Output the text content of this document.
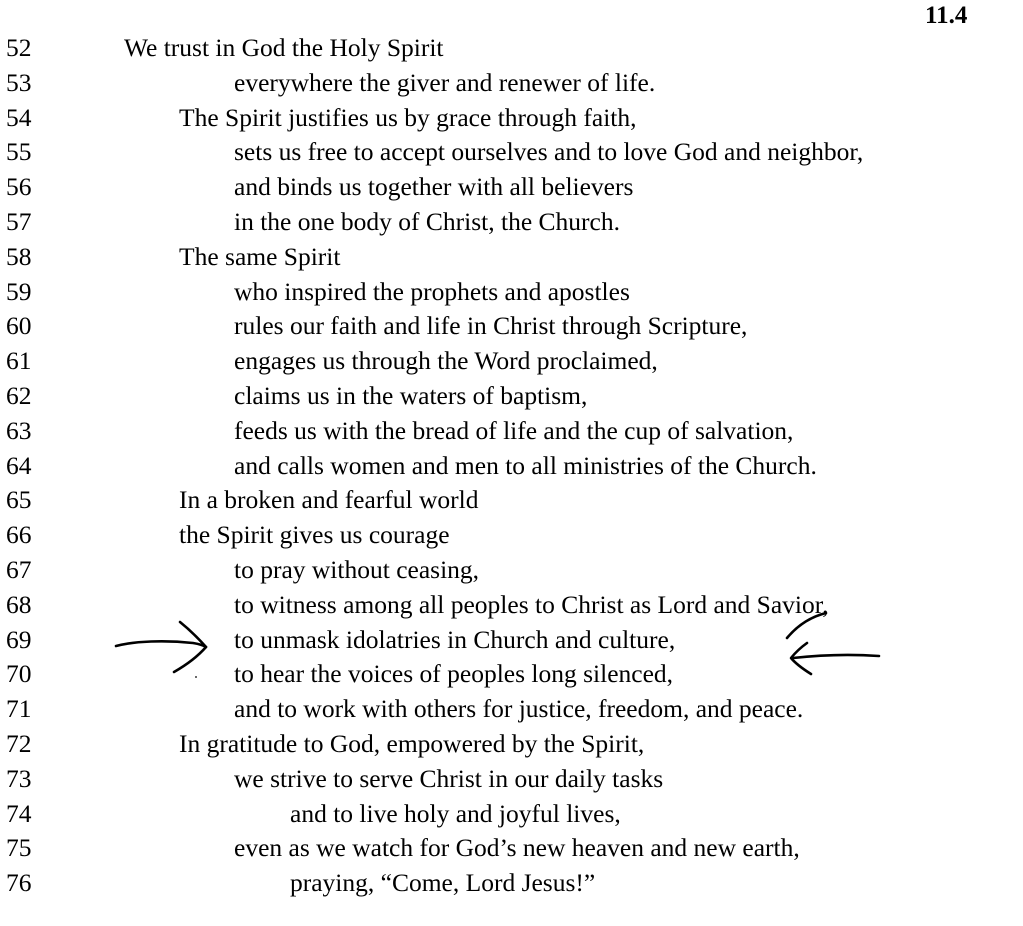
11.4
52	We trust in God the Holy Spirit
53	everywhere the giver and renewer of life.
54	The Spirit justifies us by grace through faith,
55	sets us free to accept ourselves and to love God and neighbor,
56	and binds us together with all believers
57	in the one body of Christ, the Church.
58	The same Spirit
59	who inspired the prophets and apostles
60	rules our faith and life in Christ through Scripture,
61	engages us through the Word proclaimed,
62	claims us in the waters of baptism,
63	feeds us with the bread of life and the cup of salvation,
64	and calls women and men to all ministries of the Church.
65	In a broken and fearful world
66	the Spirit gives us courage
67	to pray without ceasing,
68	to witness among all peoples to Christ as Lord and Savior,
69	to unmask idolatries in Church and culture,
70	to hear the voices of peoples long silenced,
71	and to work with others for justice, freedom, and peace.
72	In gratitude to God, empowered by the Spirit,
73	we strive to serve Christ in our daily tasks
74	and to live holy and joyful lives,
75	even as we watch for God’s new heaven and new earth,
76	praying, “Come, Lord Jesus!”
